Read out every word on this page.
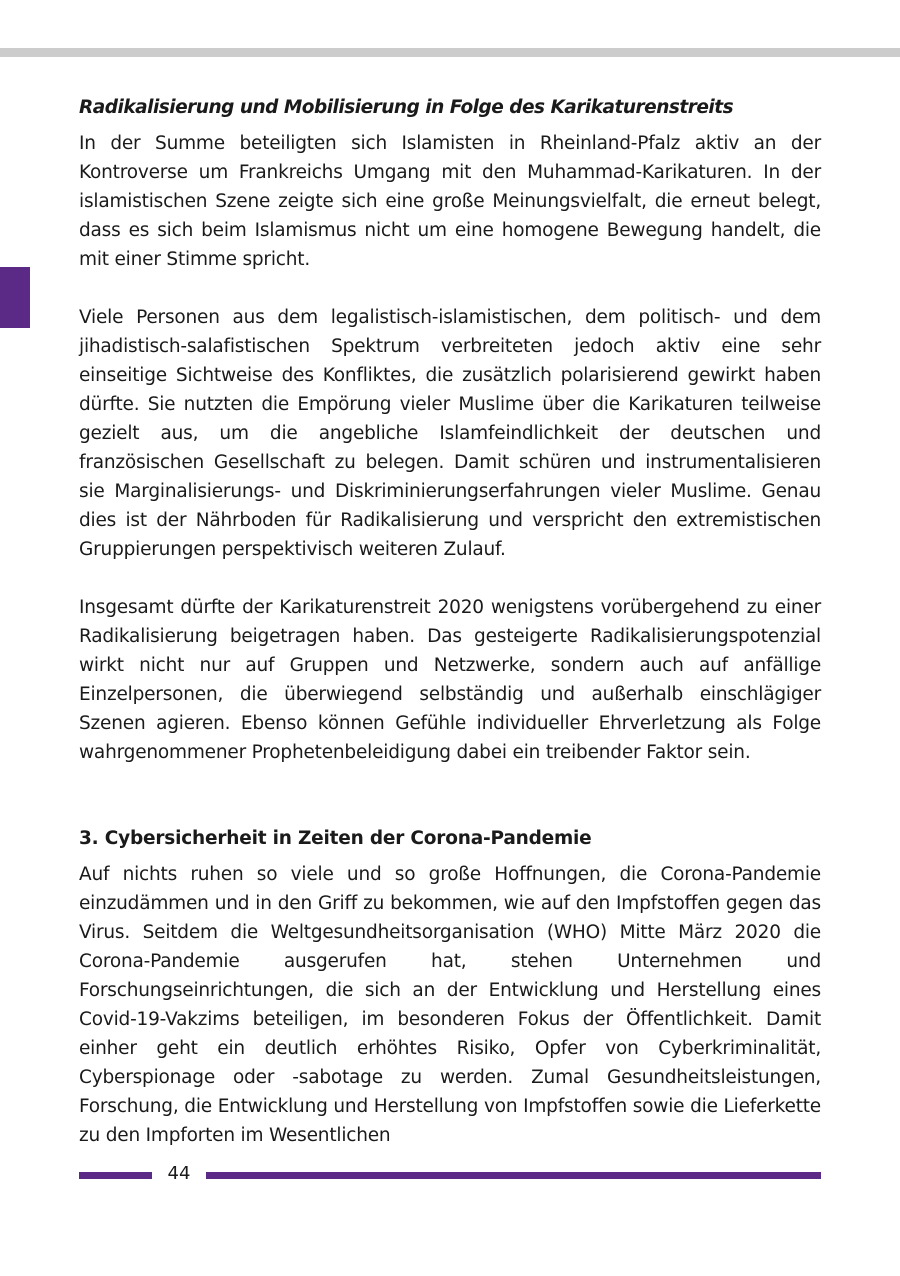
Radikalisierung und Mobilisierung in Folge des Karikaturenstreits

In der Summe beteiligten sich Islamisten in Rheinland-Pfalz aktiv an der Kontroverse um Frankreichs Umgang mit den Muhammad-Karikaturen. In der islamistischen Szene zeigte sich eine große Meinungsvielfalt, die erneut belegt, dass es sich beim Islamismus nicht um eine homogene Bewegung handelt, die mit einer Stimme spricht.

Viele Personen aus dem legalistisch-islamistischen, dem politisch- und dem jihadistisch-salafistischen Spektrum verbreiteten jedoch aktiv eine sehr einseitige Sichtweise des Konfliktes, die zusätzlich polarisierend gewirkt haben dürfte. Sie nutzten die Empörung vieler Muslime über die Karikaturen teilweise gezielt aus, um die angebliche Islamfeindlichkeit der deutschen und französischen Gesellschaft zu belegen. Damit schüren und instrumentalisieren sie Marginalisierungs- und Diskriminierungserfahrungen vieler Muslime. Genau dies ist der Nährboden für Radikalisierung und verspricht den extremistischen Gruppierungen perspektivisch weiteren Zulauf.

Insgesamt dürfte der Karikaturenstreit 2020 wenigstens vorübergehend zu einer Radikalisierung beigetragen haben. Das gesteigerte Radikalisierungspotenzial wirkt nicht nur auf Gruppen und Netzwerke, sondern auch auf anfällige Einzelpersonen, die überwiegend selbständig und außerhalb einschlägiger Szenen agieren. Ebenso können Gefühle individueller Ehrverletzung als Folge wahrgenommener Prophetenbeleidigung dabei ein treibender Faktor sein.

3. Cybersicherheit in Zeiten der Corona-Pandemie

Auf nichts ruhen so viele und so große Hoffnungen, die Corona-Pandemie einzudämmen und in den Griff zu bekommen, wie auf den Impfstoffen gegen das Virus. Seitdem die Weltgesundheitsorganisation (WHO) Mitte März 2020 die Corona-Pandemie ausgerufen hat, stehen Unternehmen und Forschungseinrichtungen, die sich an der Entwicklung und Herstellung eines Covid-19-Vakzims beteiligen, im besonderen Fokus der Öffentlichkeit. Damit einher geht ein deutlich erhöhtes Risiko, Opfer von Cyberkriminalität, Cyberspionage oder -sabotage zu werden. Zumal Gesundheitsleistungen, Forschung, die Entwicklung und Herstellung von Impfstoffen sowie die Lieferkette zu den Impforten im Wesentlichen

44
